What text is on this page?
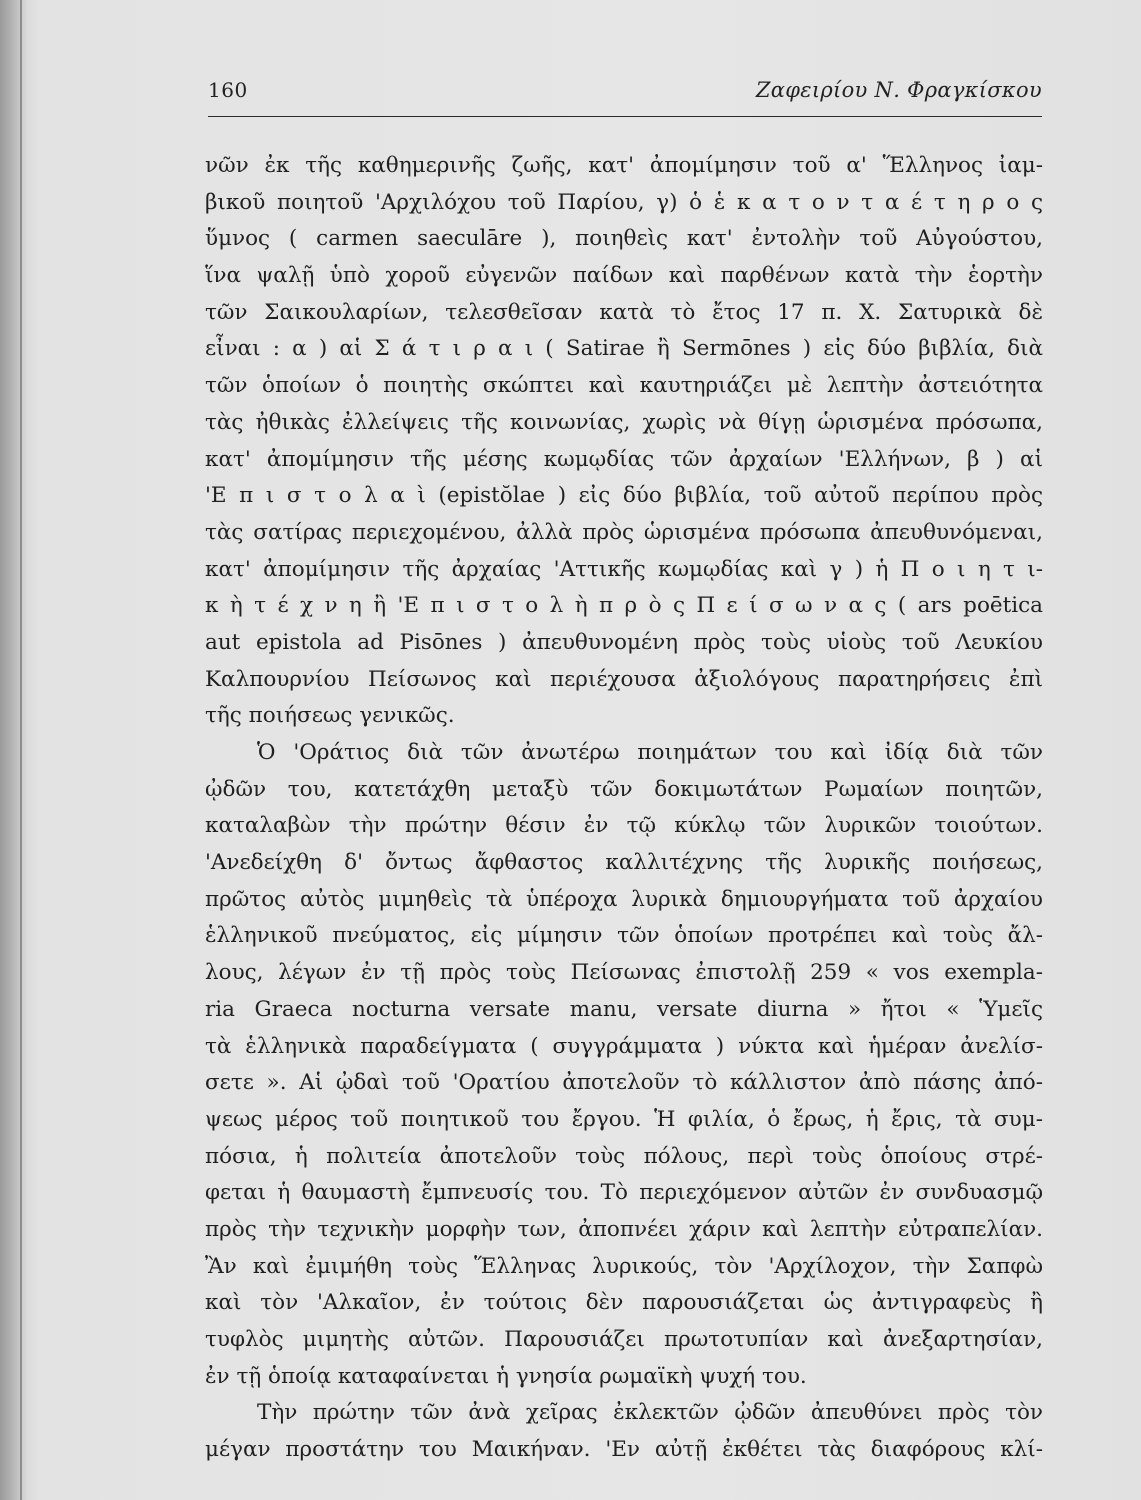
160	Ζαφειρίου Ν. Φραγκίσκου
νῶν ἐκ τῆς καθημερινῆς ζωῆς, κατ' ἀπομίμησιν τοῦ α' Ἕλληνος ἰαμ-
βικοῦ ποιητοῦ 'Αρχιλόχου τοῦ Παρίου, γ) ὁ ἑ κ α τ ο ν τ α έ τ η ρ ο ς
ὕμνος ( carmen saeculāre ), ποιηθεὶς κατ' ἐντολὴν τοῦ Αὐγούστου,
ἵνα ψαλῇ ὑπὸ χοροῦ εὐγενῶν παίδων καὶ παρθένων κατὰ τὴν ἑορτὴν
τῶν Σαικουλαρίων, τελεσθεῖσαν κατὰ τὸ ἔτος 17 π. Χ. Σατυρικὰ δὲ
εἶναι : α ) αἱ Σ ά τ ι ρ α ι ( Satirae ἢ Sermōnes ) εἰς δύο βιβλία, διὰ
τῶν ὁποίων ὁ ποιητὴς σκώπτει καὶ καυτηριάζει μὲ λεπτὴν ἀστειότητα
τὰς ἠθικὰς ἐλλείψεις τῆς κοινωνίας, χωρὶς νὰ θίγῃ ὡρισμένα πρόσωπα,
κατ' ἀπομίμησιν τῆς μέσης κωμῳδίας τῶν ἀρχαίων 'Ελλήνων, β ) αἱ
'Ε π ι σ τ ο λ α ὶ (epistŏlae ) εἰς δύο βιβλία, τοῦ αὐτοῦ περίπου πρὸς
τὰς σατίρας περιεχομένου, ἀλλὰ πρὸς ὡρισμένα πρόσωπα ἀπευθυνόμεναι,
κατ' ἀπομίμησιν τῆς ἀρχαίας 'Αττικῆς κωμῳδίας καὶ γ ) ἡ Π ο ι η τ ι-
κ ὴ τ έ χ ν η ἢ 'Ε π ι σ τ ο λ ὴ π ρ ὸ ς Π ε ί σ ω ν α ς ( ars poētica
aut epistola ad Pisōnes ) ἀπευθυνομένη πρὸς τοὺς υἱοὺς τοῦ Λευκίου
Καλπουρνίου Πείσωνος καὶ περιέχουσα ἀξιολόγους παρατηρήσεις ἐπὶ
τῆς ποιήσεως γενικῶς.
Ὁ 'Οράτιος διὰ τῶν ἀνωτέρω ποιημάτων του καὶ ἰδίᾳ διὰ τῶν
ᾠδῶν του, κατετάχθη μεταξὺ τῶν δοκιμωτάτων Ρωμαίων ποιητῶν,
καταλαβὼν τὴν πρώτην θέσιν ἐν τῷ κύκλῳ τῶν λυρικῶν τοιούτων.
'Ανεδείχθη δ' ὄντως ἄφθαστος καλλιτέχνης τῆς λυρικῆς ποιήσεως,
πρῶτος αὐτὸς μιμηθεὶς τὰ ὑπέροχα λυρικὰ δημιουργήματα τοῦ ἀρχαίου
ἑλληνικοῦ πνεύματος, εἰς μίμησιν τῶν ὁποίων προτρέπει καὶ τοὺς ἄλ-
λους, λέγων ἐν τῇ πρὸς τοὺς Πείσωνας ἐπιστολῇ 259 « vos exempla-
ria Graeca nocturna versate manu, versate diurna » ἤτοι « Ὑμεῖς
τὰ ἑλληνικὰ παραδείγματα ( συγγράμματα ) νύκτα καὶ ἡμέραν ἀνελίσ-
σετε ». Αἱ ᾠδαὶ τοῦ 'Ορατίου ἀποτελοῦν τὸ κάλλιστον ἀπὸ πάσης ἀπό-
ψεως μέρος τοῦ ποιητικοῦ του ἔργου. Ἡ φιλία, ὁ ἔρως, ἡ ἔρις, τὰ συμ-
πόσια, ἡ πολιτεία ἀποτελοῦν τοὺς πόλους, περὶ τοὺς ὁποίους στρέ-
φεται ἡ θαυμαστὴ ἔμπνευσίς του. Τὸ περιεχόμενον αὐτῶν ἐν συνδυασμῷ
πρὸς τὴν τεχνικὴν μορφὴν των, ἀποπνέει χάριν καὶ λεπτὴν εὐτραπελίαν.
Ἂν καὶ ἐμιμήθη τοὺς Ἕλληνας λυρικούς, τὸν 'Αρχίλοχον, τὴν Σαπφὼ
καὶ τὸν 'Αλκαῖον, ἐν τούτοις δὲν παρουσιάζεται ὡς ἀντιγραφεὺς ἢ
τυφλὸς μιμητὴς αὐτῶν. Παρουσιάζει πρωτοτυπίαν καὶ ἀνεξαρτησίαν,
ἐν τῇ ὁποίᾳ καταφαίνεται ἡ γνησία ρωμαϊκὴ ψυχή του.
Τὴν πρώτην τῶν ἀνὰ χεῖρας ἐκλεκτῶν ᾠδῶν ἀπευθύνει πρὸς τὸν
μέγαν προστάτην του Μαικήναν. 'Εν αὐτῇ ἐκθέτει τὰς διαφόρους κλί-
